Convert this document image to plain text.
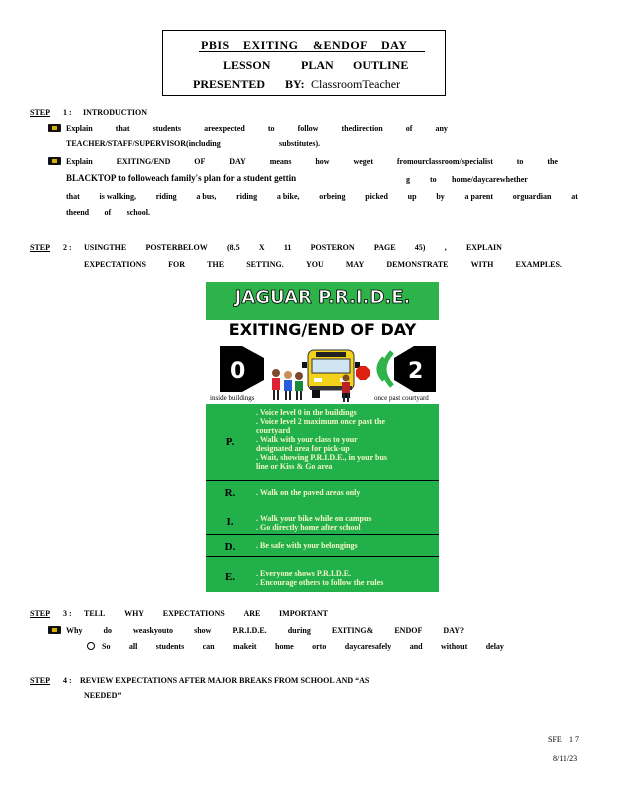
PBIS EXITING &ENDOF DAY
LESSON	PLAN OUTLINE
PRESENTED BY: ClassroomTeacher
STEP 1 : INTRODUCTION
Explain	that	students	areexpected	to	follow	thedirection	of	any
TEACHER/STAFF/SUPERVISOR(including	substitutes).
Explain	EXITING/END	OF	DAY	means	how	weget	fromourclassroom/specialist	to	the
BLACKTOP to followeach family's plan for a student gettin	g	to home/daycarewhether
that is walking, riding a bus, riding a bike, orbeing picked up by a parent orguardian at
theend of school.
STEP 2 : USINGTHE POSTERBELOW (8.5 X 11 POSTERON PAGE 45) , EXPLAIN
EXPECTATIONS	FOR	THE	SETTING.	YOU	MAY	DEMONSTRATE	WITH	EXAMPLES.
JAGUAR P.R.I.D.E.
EXITING/END OF DAY
0	2
inside buildings	once past courtyard
P.
. Voice level 0 in the buildings
. Voice level 2 maximum once past the
courtyard
. Walk with your class to your
designated area for pick-up
. Wait, showing P.R.I.D.E., in your bus
line or Kiss & Go area
R.	. Walk on the paved areas only
I.	. Walk your bike while on campus
. Go directly home after school
D.	. Be safe with your belongings
E.	. Everyone shows P.R.I.D.E.
. Encourage others to follow the rules
STEP 3 : TELL WHY EXPECTATIONS ARE IMPORTANT
Why	do	weaskyouto	show	P.R.I.D.E.	during	EXITING&	ENDOF	DAY?
So all students can makeit home orto daycaresafely and without delay
STEP 4 : REVIEW EXPECTATIONS AFTER MAJOR BREAKS FROM SCHOOL AND “AS
NEEDED”
SFE 1 7
8/11/23
